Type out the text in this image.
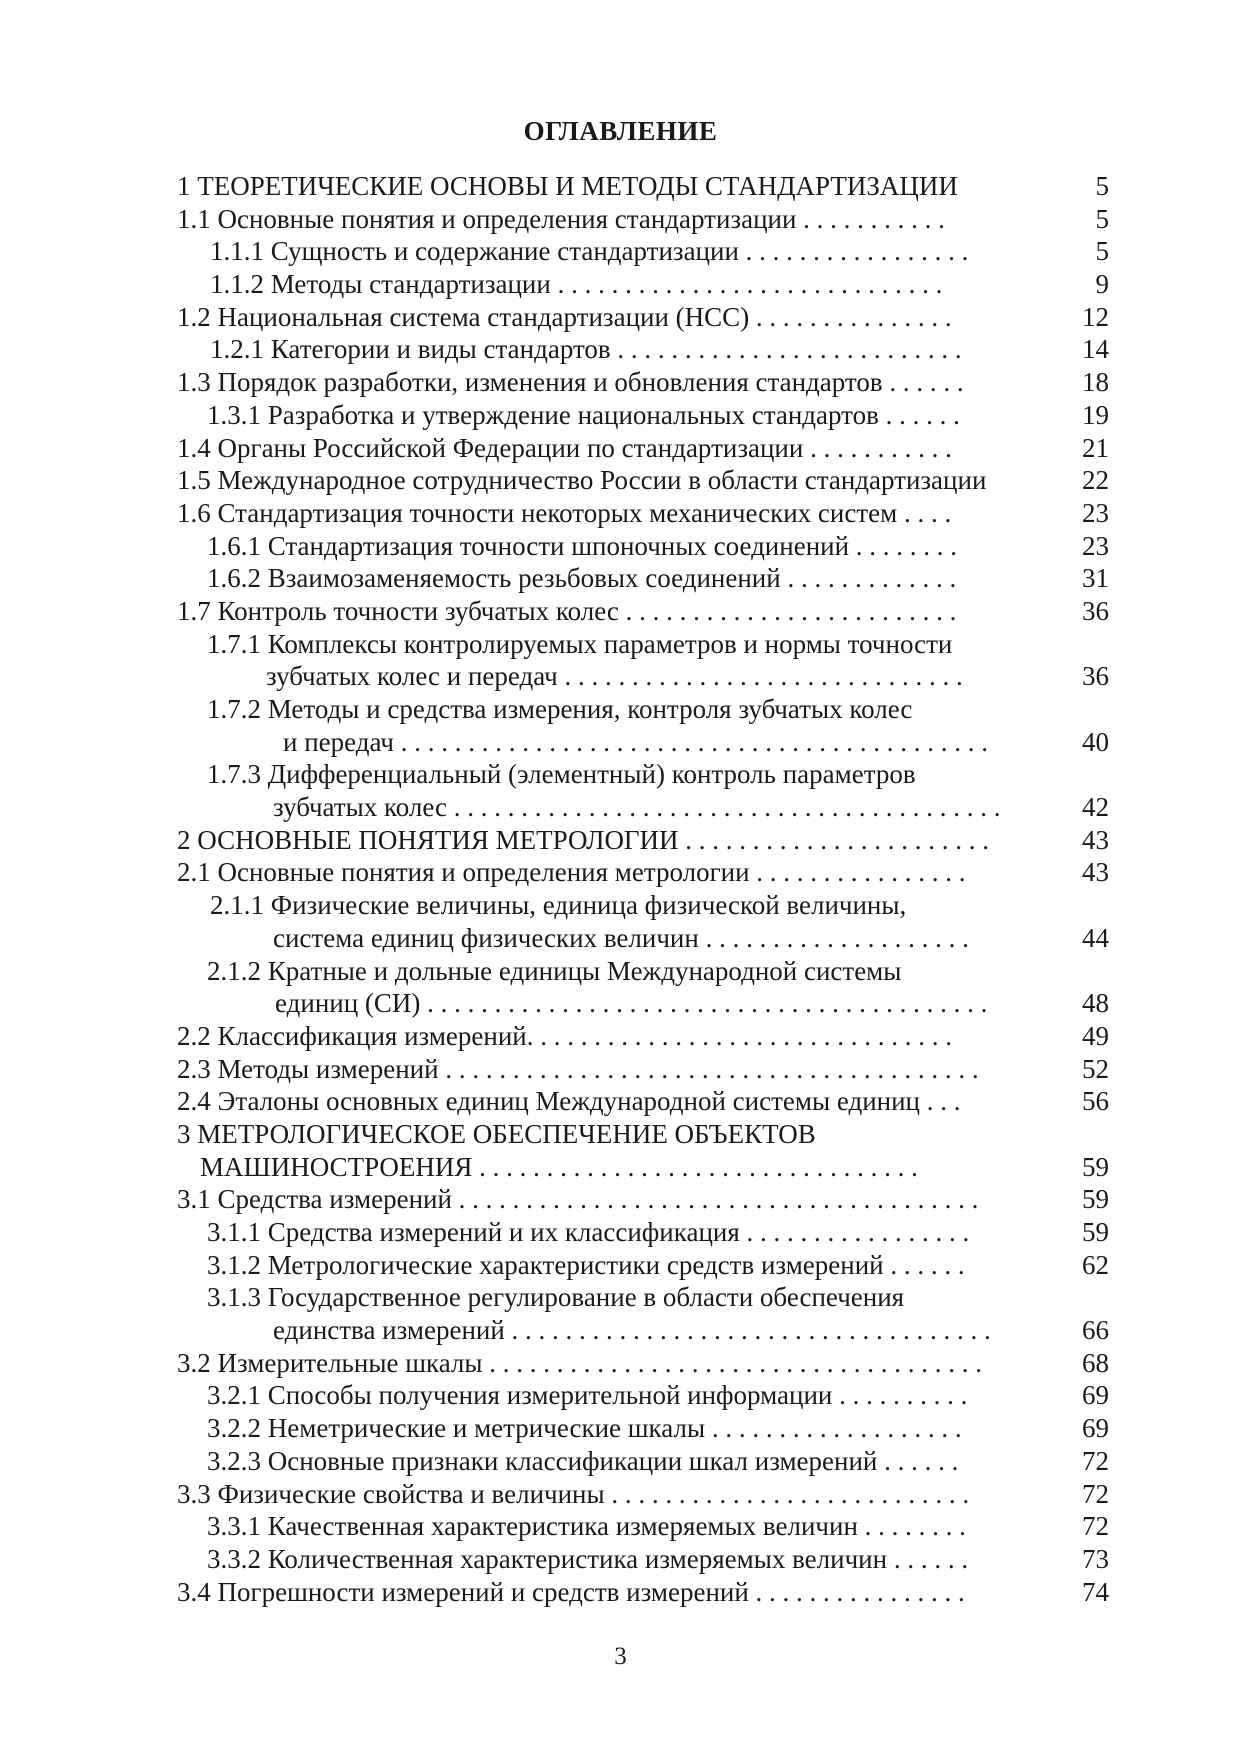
ОГЛАВЛЕНИЕ
1 ТЕОРЕТИЧЕСКИЕ ОСНОВЫ И МЕТОДЫ СТАНДАРТИЗАЦИИ	5
1.1 Основные понятия и определения стандартизации . . . . . . . . . . .	5
1.1.1 Сущность и содержание стандартизации . . . . . . . . . . . . . . . . .	5
1.1.2 Методы стандартизации . . . . . . . . . . . . . . . . . . . . . . . . . . . . .	9
1.2 Национальная система стандартизации (НСС) . . . . . . . . . . . . . . .	12
1.2.1 Категории и виды стандартов . . . . . . . . . . . . . . . . . . . . . . . . . .	14
1.3 Порядок разработки, изменения и обновления стандартов . . . . . .	18
1.3.1 Разработка и утверждение национальных стандартов . . . . . .	19
1.4 Органы Российской Федерации по стандартизации . . . . . . . . . . .	21
1.5 Международное сотрудничество России в области стандартизации	22
1.6 Стандартизация точности некоторых механических систем . . . .	23
1.6.1 Стандартизация точности шпоночных соединений . . . . . . . .	23
1.6.2 Взаимозаменяемость резьбовых соединений . . . . . . . . . . . . .	31
1.7 Контроль точности зубчатых колес . . . . . . . . . . . . . . . . . . . . . . . . .	36
1.7.1 Комплексы контролируемых параметров и нормы точности
зубчатых колес и передач . . . . . . . . . . . . . . . . . . . . . . . . . . . . . .	36
1.7.2 Методы и средства измерения, контроля зубчатых колес
и передач . . . . . . . . . . . . . . . . . . . . . . . . . . . . . . . . . . . . . . . . . . . .	40
1.7.3 Дифференциальный (элементный) контроль параметров
зубчатых колес . . . . . . . . . . . . . . . . . . . . . . . . . . . . . . . . . . . . . . . . .	42
2 ОСНОВНЫЕ ПОНЯТИЯ МЕТРОЛОГИИ . . . . . . . . . . . . . . . . . . . . . . .	43
2.1 Основные понятия и определения метрологии . . . . . . . . . . . . . . . .	43
2.1.1 Физические величины, единица физической величины,
система единиц физических величин . . . . . . . . . . . . . . . . . . . .	44
2.1.2 Кратные и дольные единицы Международной системы
единиц (СИ) . . . . . . . . . . . . . . . . . . . . . . . . . . . . . . . . . . . . . . . . . .	48
2.2 Классификация измерений. . . . . . . . . . . . . . . . . . . . . . . . . . . . . . . .	49
2.3 Методы измерений . . . . . . . . . . . . . . . . . . . . . . . . . . . . . . . . . . . . . . . .	52
2.4 Эталоны основных единиц Международной системы единиц . . .	56
3 МЕТРОЛОГИЧЕСКОЕ ОБЕСПЕЧЕНИЕ ОБЪЕКТОВ
МАШИНОСТРОЕНИЯ . . . . . . . . . . . . . . . . . . . . . . . . . . . . . . . . .	59
3.1 Средства измерений . . . . . . . . . . . . . . . . . . . . . . . . . . . . . . . . . . . . . . .	59
3.1.1 Средства измерений и их классификация . . . . . . . . . . . . . . . . .	59
3.1.2 Метрологические характеристики средств измерений . . . . . .	62
3.1.3 Государственное регулирование в области обеспечения
единства измерений . . . . . . . . . . . . . . . . . . . . . . . . . . . . . . . . . . . .	66
3.2 Измерительные шкалы . . . . . . . . . . . . . . . . . . . . . . . . . . . . . . . . . . . . .	68
3.2.1 Способы получения измерительной информации . . . . . . . . . .	69
3.2.2 Неметрические и метрические шкалы . . . . . . . . . . . . . . . . . . .	69
3.2.3 Основные признаки классификации шкал измерений . . . . . .	72
3.3 Физические свойства и величины . . . . . . . . . . . . . . . . . . . . . . . . . . .	72
3.3.1 Качественная характеристика измеряемых величин . . . . . . . .	72
3.3.2 Количественная характеристика измеряемых величин . . . . . .	73
3.4 Погрешности измерений и средств измерений . . . . . . . . . . . . . . . .	74
3
